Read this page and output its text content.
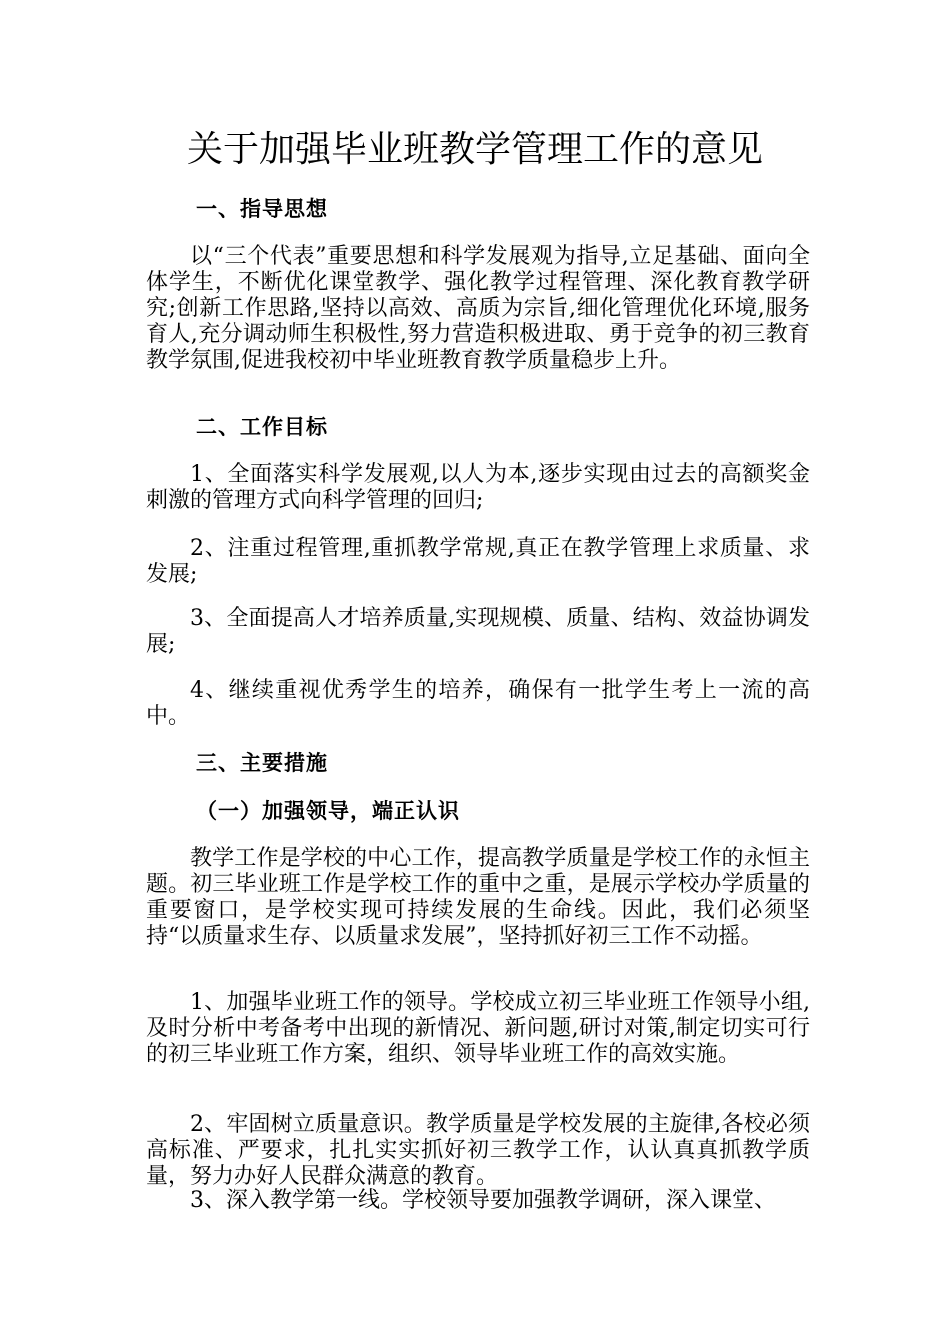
关于加强毕业班教学管理工作的意见
一、指导思想

以“三个代表”重要思想和科学发展观为指导,立足基础、面向全体学生，不断优化课堂教学、强化教学过程管理、深化教育教学研究;创新工作思路,坚持以高效、高质为宗旨,细化管理优化环境,服务育人,充分调动师生积极性,努力营造积极进取、勇于竞争的初三教育教学氛围,促进我校初中毕业班教育教学质量稳步上升。

二、工作目标

1、全面落实科学发展观,以人为本,逐步实现由过去的高额奖金刺激的管理方式向科学管理的回归;

2、注重过程管理,重抓教学常规,真正在教学管理上求质量、求发展;

3、全面提高人才培养质量,实现规模、质量、结构、效益协调发展;

4、继续重视优秀学生的培养，确保有一批学生考上一流的高中。

三、主要措施
（一）加强领导，端正认识

教学工作是学校的中心工作，提高教学质量是学校工作的永恒主题。初三毕业班工作是学校工作的重中之重，是展示学校办学质量的重要窗口，是学校实现可持续发展的生命线。因此，我们必须坚持“以质量求生存、以质量求发展”，坚持抓好初三工作不动摇。

1、加强毕业班工作的领导。学校成立初三毕业班工作领导小组,及时分析中考备考中出现的新情况、新问题,研讨对策,制定切实可行的初三毕业班工作方案，组织、领导毕业班工作的高效实施。

2、牢固树立质量意识。教学质量是学校发展的主旋律,各校必须高标准、严要求，扎扎实实抓好初三教学工作，认认真真抓教学质量，努力办好人民群众满意的教育。

3、深入教学第一线。学校领导要加强教学调研，深入课堂、
